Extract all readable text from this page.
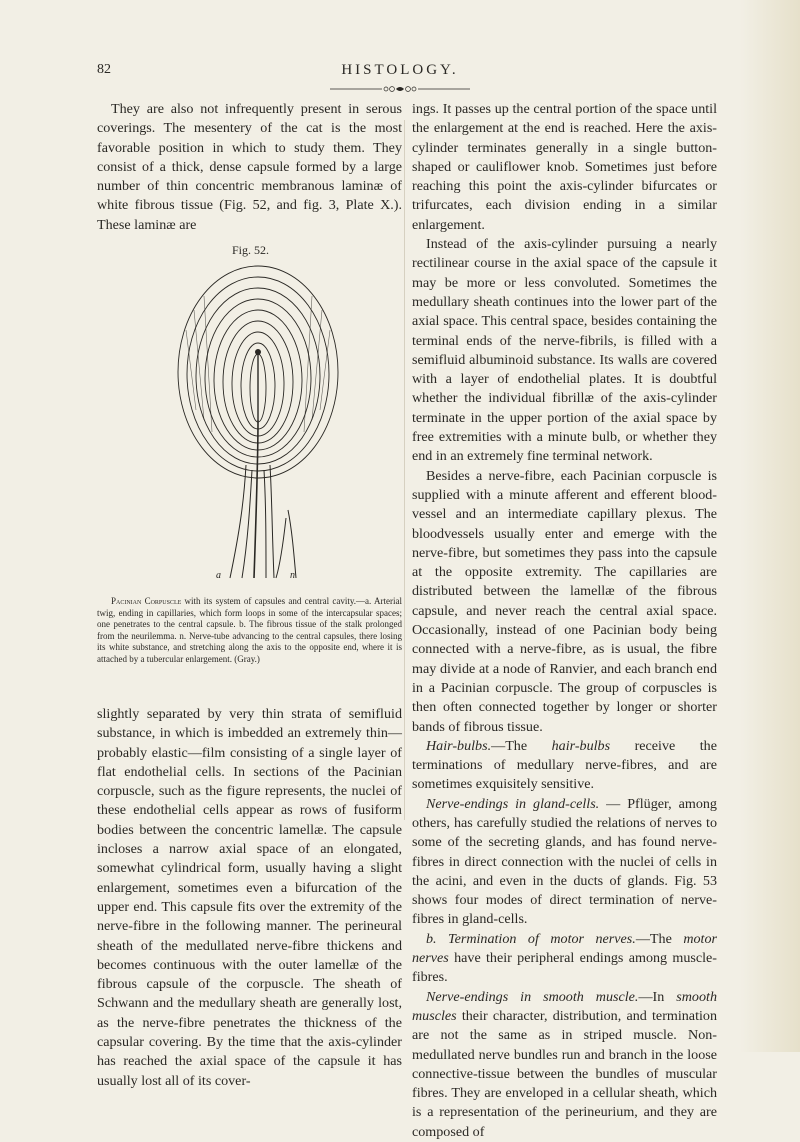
82	HISTOLOGY.

They are also not infrequently present in serous coverings. The mesentery of the cat is the most favorable position in which to study them. They consist of a thick, dense capsule formed by a large number of thin concentric membranous laminæ of white fibrous tissue (Fig. 52, and fig. 3, Plate X.). These laminæ are

Fig. 52.
a	n
Pacinian Corpuscle with its system of capsules and central cavity.—a. Arterial twig, ending in capillaries, which form loops in some of the intercapsular spaces; one penetrates to the central capsule. b. The fibrous tissue of the stalk prolonged from the neurilemma. n. Nerve-tube advancing to the central capsules, there losing its white substance, and stretching along the axis to the opposite end, where it is attached by a tubercular enlargement. (Gray.)

slightly separated by very thin strata of semifluid substance, in which is imbedded an extremely thin—probably elastic—film consisting of a single layer of flat endothelial cells. In sections of the Pacinian corpuscle, such as the figure represents, the nuclei of these endothelial cells appear as rows of fusiform bodies between the concentric lamellæ. The capsule incloses a narrow axial space of an elongated, somewhat cylindrical form, usually having a slight enlargement, sometimes even a bifurcation of the upper end. This capsule fits over the extremity of the nerve-fibre in the following manner. The perineural sheath of the medullated nerve-fibre thickens and becomes continuous with the outer lamellæ of the fibrous capsule of the corpuscle. The sheath of Schwann and the medullary sheath are generally lost, as the nerve-fibre penetrates the thickness of the capsular covering. By the time that the axis-cylinder has reached the axial space of the capsule it has usually lost all of its cover-

ings. It passes up the central portion of the space until the enlargement at the end is reached. Here the axis-cylinder terminates generally in a single button-shaped or cauliflower knob. Sometimes just before reaching this point the axis-cylinder bifurcates or trifurcates, each division ending in a similar enlargement.

Instead of the axis-cylinder pursuing a nearly rectilinear course in the axial space of the capsule it may be more or less convoluted. Sometimes the medullary sheath continues into the lower part of the axial space. This central space, besides containing the terminal ends of the nerve-fibrils, is filled with a semifluid albuminoid substance. Its walls are covered with a layer of endothelial plates. It is doubtful whether the individual fibrillæ of the axis-cylinder terminate in the upper portion of the axial space by free extremities with a minute bulb, or whether they end in an extremely fine terminal network.

Besides a nerve-fibre, each Pacinian corpuscle is supplied with a minute afferent and efferent blood-vessel and an intermediate capillary plexus. The bloodvessels usually enter and emerge with the nerve-fibre, but sometimes they pass into the capsule at the opposite extremity. The capillaries are distributed between the lamellæ of the fibrous capsule, and never reach the central axial space. Occasionally, instead of one Pacinian body being connected with a nerve-fibre, as is usual, the fibre may divide at a node of Ranvier, and each branch end in a Pacinian corpuscle. The group of corpuscles is then often connected together by longer or shorter bands of fibrous tissue.

Hair-bulbs.—The hair-bulbs receive the terminations of medullary nerve-fibres, and are sometimes exquisitely sensitive.

Nerve-endings in gland-cells. — Pflüger, among others, has carefully studied the relations of nerves to some of the secreting glands, and has found nerve-fibres in direct connection with the nuclei of cells in the acini, and even in the ducts of glands. Fig. 53 shows four modes of direct termination of nerve-fibres in gland-cells.

b. Termination of motor nerves.—The motor nerves have their peripheral endings among muscle-fibres.

Nerve-endings in smooth muscle.—In smooth muscles their character, distribution, and termination are not the same as in striped muscle. Non-medullated nerve bundles run and branch in the loose connective-tissue between the bundles of muscular fibres. They are enveloped in a cellular sheath, which is a representation of the perineurium, and they are composed of
